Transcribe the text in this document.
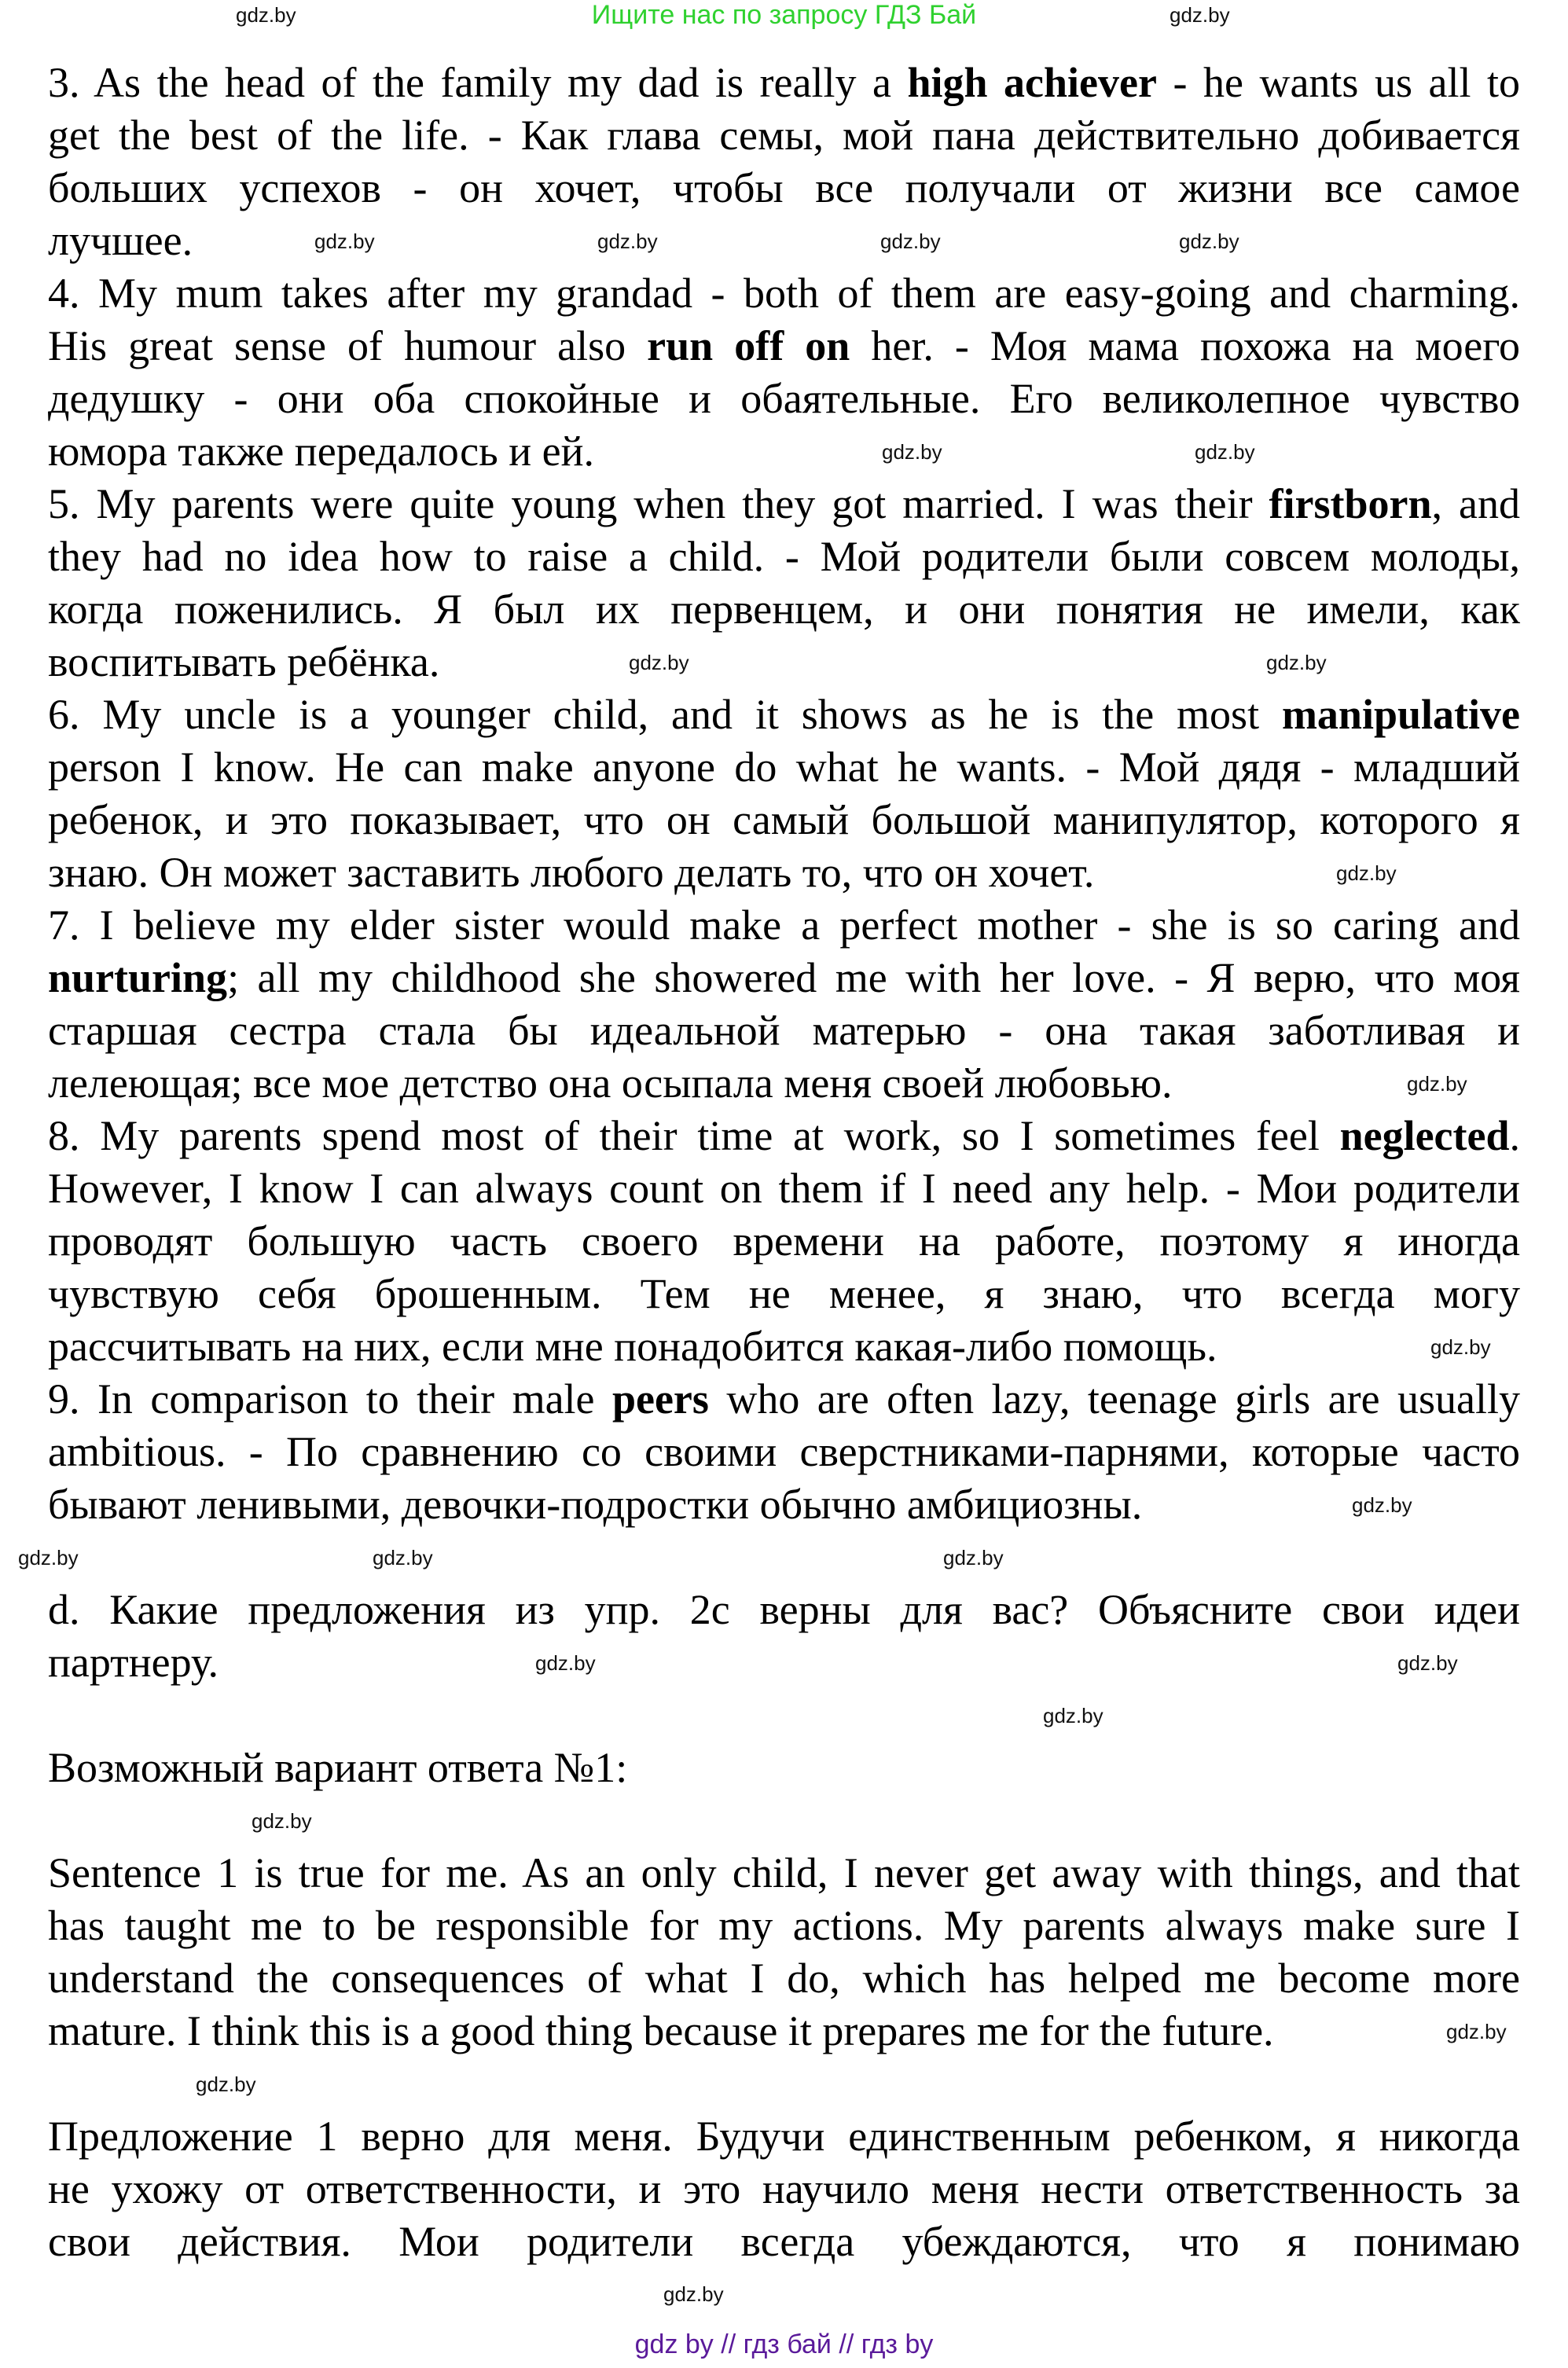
Ищите нас по запросу ГДЗ Бай
3. As the head of the family my dad is really a high achiever - he wants us all to
get the best of the life. - Как глава семы, мой пана действительно добивается
больших успехов - он хочет, чтобы все получали от жизни все самое
лучшее.
4. My mum takes after my grandad - both of them are easy-going and charming.
His great sense of humour also run off on her. - Моя мама похожа на моего
дедушку - они оба спокойные и обаятельные. Его великолепное чувство
юмора также передалось и ей.
5. My parents were quite young when they got married. I was their firstborn, and
they had no idea how to raise a child. - Мой родители были совсем молоды,
когда поженились. Я был их первенцем, и они понятия не имели, как
воспитывать ребёнка.
6. My uncle is a younger child, and it shows as he is the most manipulative
person I know. He can make anyone do what he wants. - Мой дядя - младший
ребенок, и это показывает, что он самый большой манипулятор, которого я
знаю. Он может заставить любого делать то, что он хочет.
7. I believe my elder sister would make a perfect mother - she is so caring and
nurturing; all my childhood she showered me with her love. - Я верю, что моя
старшая сестра стала бы идеальной матерью - она такая заботливая и
лелеющая; все мое детство она осыпала меня своей любовью.
8. My parents spend most of their time at work, so I sometimes feel neglected.
However, I know I can always count on them if I need any help. - Мои родители
проводят большую часть своего времени на работе, поэтому я иногда
чувствую себя брошенным. Тем не менее, я знаю, что всегда могу
рассчитывать на них, если мне понадобится какая-либо помощь.
9. In comparison to their male peers who are often lazy, teenage girls are usually
ambitious. - По сравнению со своими сверстниками-парнями, которые часто
бывают ленивыми, девочки-подростки обычно амбициозны.
d. Какие предложения из упр. 2с верны для вас? Объясните свои идеи
партнеру.
Возможный вариант ответа №1:
Sentence 1 is true for me. As an only child, I never get away with things, and that
has taught me to be responsible for my actions. My parents always make sure I
understand the consequences of what I do, which has helped me become more
mature. I think this is a good thing because it prepares me for the future.
Предложение 1 верно для меня. Будучи единственным ребенком, я никогда
не ухожу от ответственности, и это научило меня нести ответственность за
свои действия. Мои родители всегда убеждаются, что я понимаю
gdz.by	gdz.by
gdz.by	gdz.by	gdz.by	gdz.by
gdz.by	gdz.by
gdz.by	gdz.by
gdz.by
gdz.by
gdz.by
gdz.by
gdz.by	gdz.by	gdz.by
gdz.by	gdz.by
gdz.by
gdz.by
gdz.by
gdz.by
gdz.by
gdz by // гдз бай // гдз by
